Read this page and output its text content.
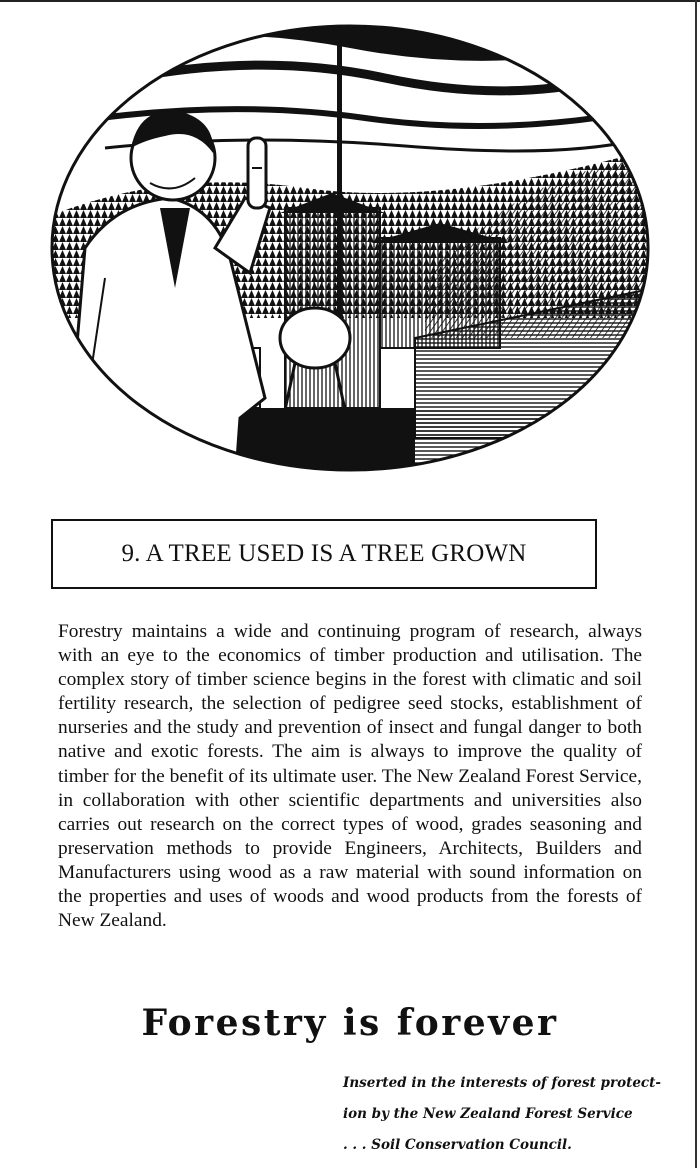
9. A TREE USED IS A TREE GROWN
Forestry maintains a wide and continuing program of research, always with an eye to the economics of timber production and utilisation. The complex story of timber science begins in the forest with climatic and soil fertility research, the selection of pedigree seed stocks, establishment of nurseries and the study and prevention of insect and fungal danger to both native and exotic forests. The aim is always to improve the quality of timber for the benefit of its ultimate user. The New Zealand Forest Service, in collaboration with other scientific departments and universities also carries out research on the correct types of wood, grades seasoning and preservation methods to provide Engineers, Architects, Builders and Manufacturers using wood as a raw material with sound information on the properties and uses of woods and wood products from the forests of New Zealand.
Forestry is forever
Inserted in the interests of forest protect-
ion by the New Zealand Forest Service
. . . Soil Conservation Council.
